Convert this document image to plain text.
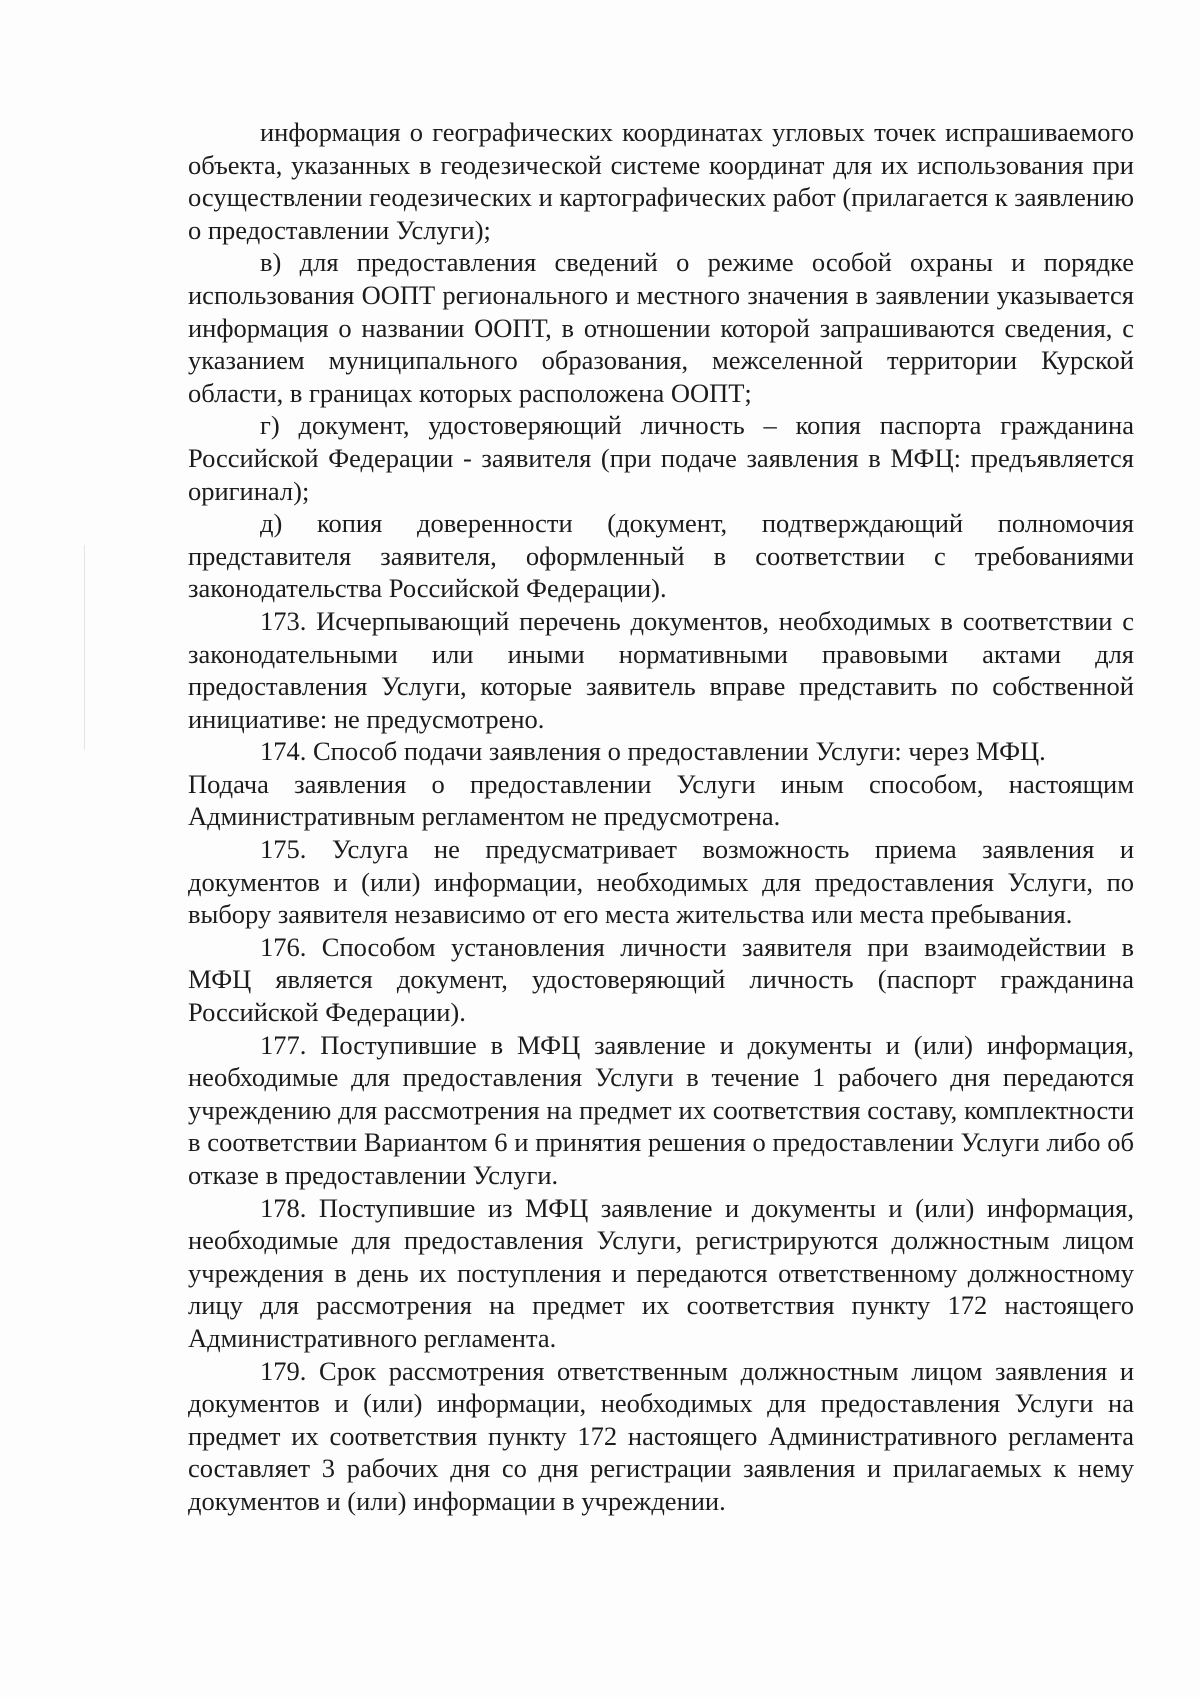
информация о географических координатах угловых точек испрашиваемого объекта, указанных в геодезической системе координат для их использования при осуществлении геодезических и картографических работ (прилагается к заявлению о предоставлении Услуги);

в) для предоставления сведений о режиме особой охраны и порядке использования ООПТ регионального и местного значения в заявлении указывается информация о названии ООПТ, в отношении которой запрашиваются сведения, с указанием муниципального образования, межселенной территории Курской области, в границах которых расположена ООПТ;

г) документ, удостоверяющий личность – копия паспорта гражданина Российской Федерации - заявителя (при подаче заявления в МФЦ: предъявляется оригинал);

д) копия доверенности (документ, подтверждающий полномочия представителя заявителя, оформленный в соответствии с требованиями законодательства Российской Федерации).

173. Исчерпывающий перечень документов, необходимых в соответствии с законодательными или иными нормативными правовыми актами для предоставления Услуги, которые заявитель вправе представить по собственной инициативе: не предусмотрено.

174. Способ подачи заявления о предоставлении Услуги: через МФЦ.

Подача заявления о предоставлении Услуги иным способом, настоящим Административным регламентом не предусмотрена.

175. Услуга не предусматривает возможность приема заявления и документов и (или) информации, необходимых для предоставления Услуги, по выбору заявителя независимо от его места жительства или места пребывания.

176. Способом установления личности заявителя при взаимодействии в МФЦ является документ, удостоверяющий личность (паспорт гражданина Российской Федерации).

177. Поступившие в МФЦ заявление и документы и (или) информация, необходимые для предоставления Услуги в течение 1 рабочего дня передаются учреждению для рассмотрения на предмет их соответствия составу, комплектности в соответствии Вариантом 6 и принятия решения о предоставлении Услуги либо об отказе в предоставлении Услуги.

178. Поступившие из МФЦ заявление и документы и (или) информация, необходимые для предоставления Услуги, регистрируются должностным лицом учреждения в день их поступления и передаются ответственному должностному лицу для рассмотрения на предмет их соответствия пункту 172 настоящего Административного регламента.

179. Срок рассмотрения ответственным должностным лицом заявления и документов и (или) информации, необходимых для предоставления Услуги на предмет их соответствия пункту 172 настоящего Административного регламента составляет 3 рабочих дня со дня регистрации заявления и прилагаемых к нему документов и (или) информации в учреждении.
